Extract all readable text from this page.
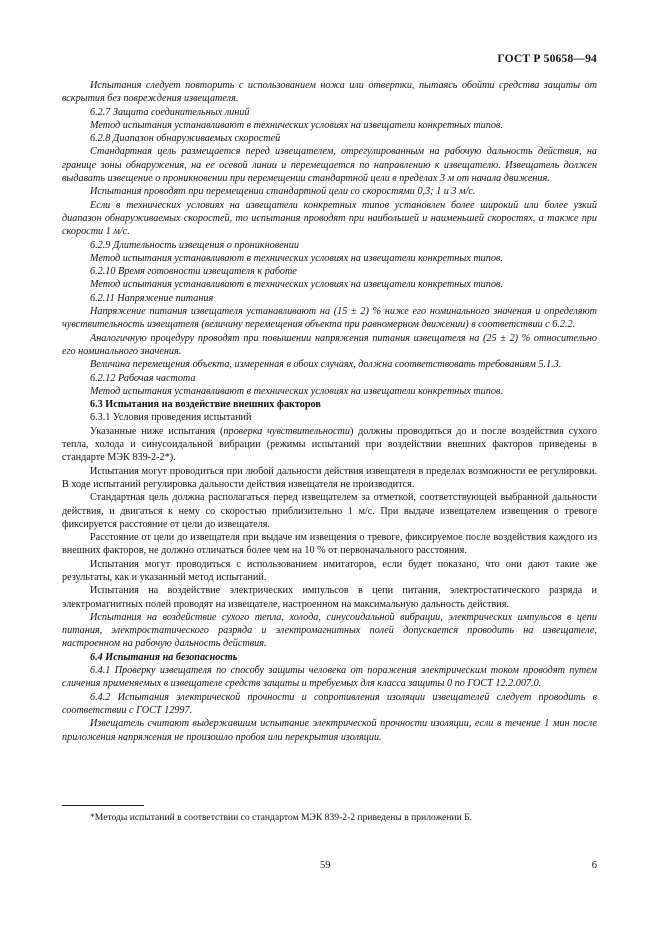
ГОСТ Р 50658—94

Испытания следует повторить с использованием ножа или отвертки, пытаясь обойти средства защиты от вскрытия без повреждения извещателя.

6.2.7 Защита соединительных линий

Метод испытания устанавливают в технических условиях на извещатели конкретных типов.

6.2.8 Диапазон обнаруживаемых скоростей

Стандартная цель размещается перед извещателем, отрегулированным на рабочую дальность действия, на границе зоны обнаружения, на ее осевой линии и перемещается по направлению к извещателю. Извещатель должен выдавать извещение о проникновении при перемещении стандартной цели в пределах 3 м от начала движения.

Испытания проводят при перемещении стандартной цели со скоростями 0,3; 1 и 3 м/с.

Если в технических условиях на извещатели конкретных типов установлен более широкий или более узкий диапазон обнаруживаемых скоростей, то испытания проводят при наибольшей и наименьшей скоростях, а также при скорости 1 м/с.

6.2.9 Длительность извещения о проникновении

Метод испытания устанавливают в технических условиях на извещатели конкретных типов.

6.2.10 Время готовности извещателя к работе

Метод испытания устанавливают в технических условиях на извещатели конкретных типов.

6.2.11 Напряжение питания

Напряжение питания извещателя устанавливают на (15 ± 2) % ниже его номинального значения и определяют чувствительность извещателя (величину перемещения объекта при равномерном движении) в соответствии с 6.2.2.

Аналогичную процедуру проводят при повышении напряжения питания извещателя на (25 ± 2) % относительно его номинального значения.

Величина перемещения объекта, измеренная в обоих случаях, должна соответствовать требованиям 5.1.3.

6.2.12 Рабочая частота

Метод испытания устанавливают в технических условиях на извещатели конкретных типов.

6.3 Испытания на воздействие внешних факторов

6.3.1 Условия проведения испытаний

Указанные ниже испытания (проверка чувствительности) должны проводиться до и после воздействия сухого тепла, холода и синусоидальной вибрации (режимы испытаний при воздействии внешних факторов приведены в стандарте МЭК 839-2-2*).

Испытания могут проводиться при любой дальности действия извещателя в пределах возможности ее регулировки. В ходе испытаний регулировка дальности действия извещателя не производится.

Стандартная цель должна располагаться перед извещателем за отметкой, соответствующей выбранной дальности действия, и двигаться к нему со скоростью приблизительно 1 м/с. При выдаче извещателем извещения о тревоге фиксируется расстояние от цели до извещателя.

Расстояние от цели до извещателя при выдаче им извещения о тревоге, фиксируемое после воздействия каждого из внешних факторов, не должно отличаться более чем на 10 % от первоначального расстояния.

Испытания могут проводиться с использованием имитаторов, если будет показано, что они дают такие же результаты, как и указанный метод испытаний.

Испытания на воздействие электрических импульсов в цепи питания, электростатического разряда и электромагнитных полей проводят на извещателе, настроенном на максимальную дальность действия.

Испытания на воздействие сухого тепла, холода, синусоидальной вибрации, электрических импульсов в цепи питания, электростатического разряда и электромагнитных полей допускается проводить на извещателе, настроенном на рабочую дальность действия.

6.4 Испытания на безопасность

6.4.1 Проверку извещателя по способу защиты человека от поражения электрическим током проводят путем сличения применяемых в извещателе средств защиты и требуемых для класса защиты 0 по ГОСТ 12.2.007.0.

6.4.2 Испытания электрической прочности и сопротивления изоляции извещателей следует проводить в соответствии с ГОСТ 12997.

Извещатель считают выдержавшим испытание электрической прочности изоляции, если в течение 1 мин после приложения напряжения не произошло пробоя или перекрытия изоляции.

*Методы испытаний в соответствии со стандартом МЭК 839-2-2 приведены в приложении Б.
59	6
